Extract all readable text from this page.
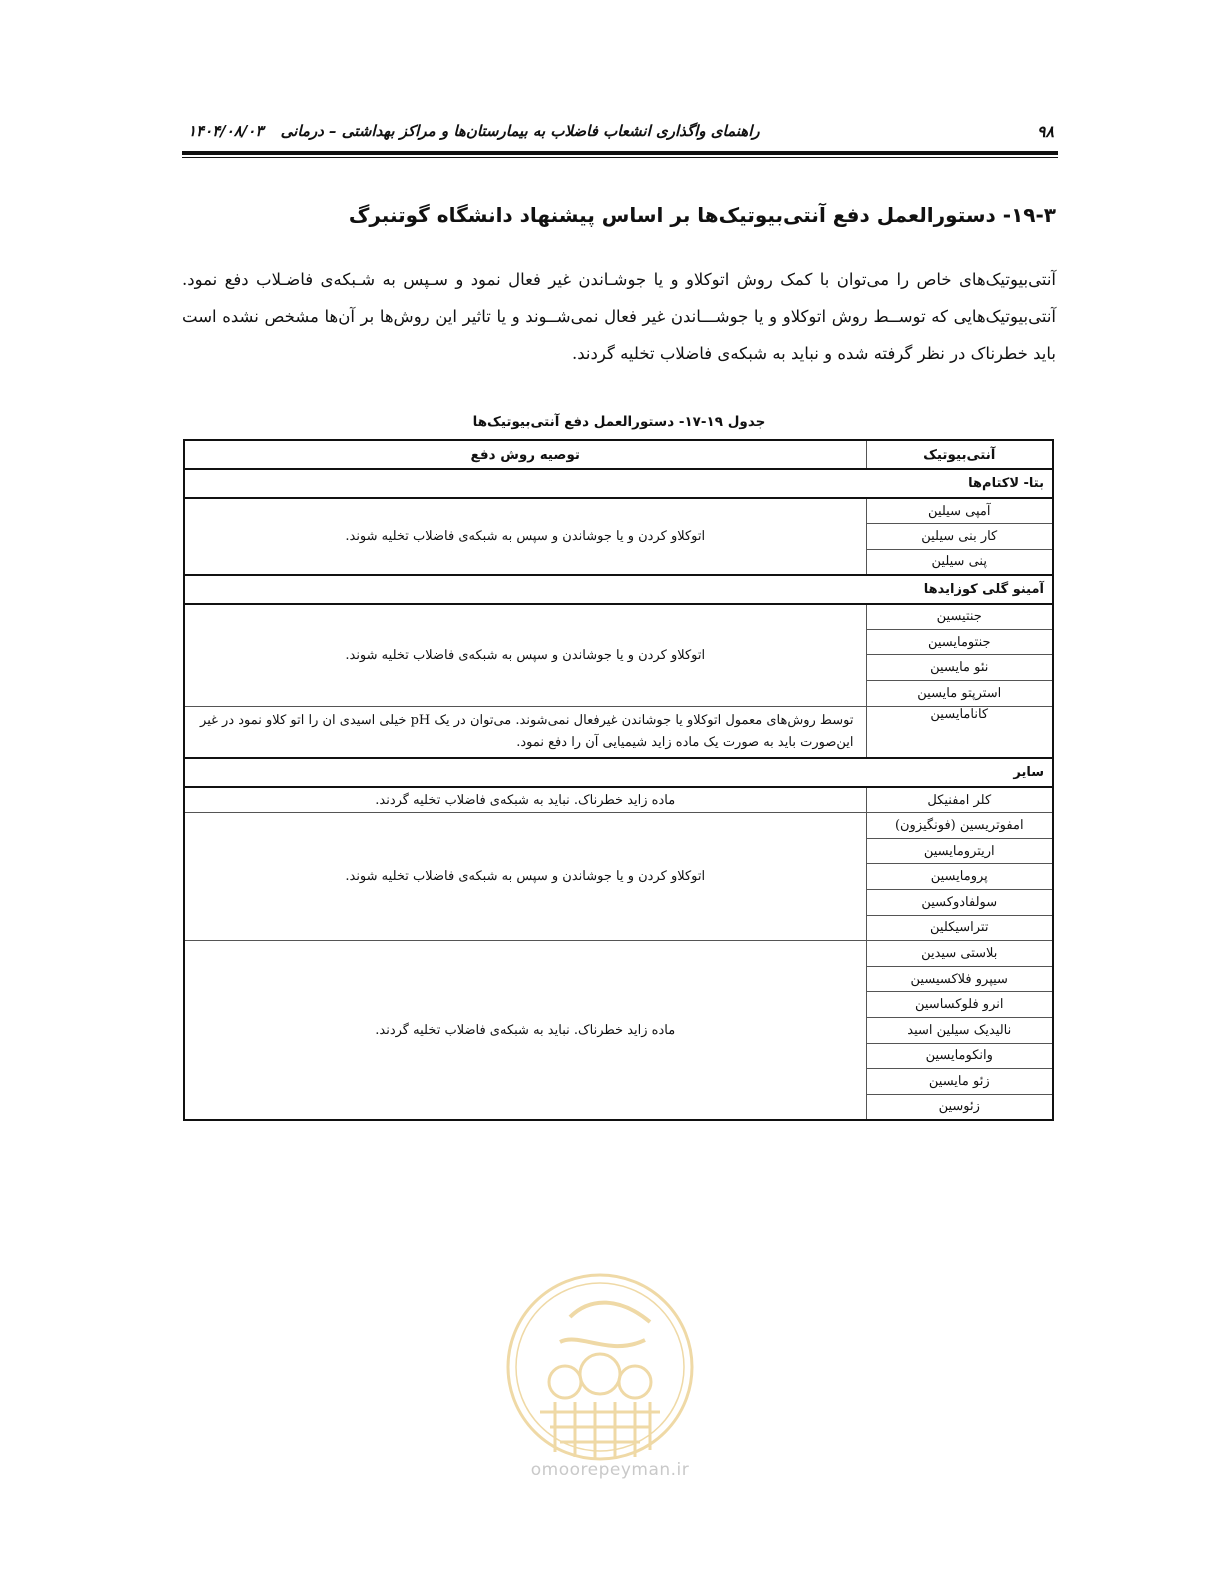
۹۸
راهنمای واگذاری انشعاب فاضلاب به بیمارستان‌ها و مراکز بهداشتی – درمانی ۱۴۰۴/۰۸/۰۳
۱۹-۳- دستورالعمل دفع آنتی‌بیوتیک‌ها بر اساس پیشنهاد دانشگاه گوتنبرگ

آنتی‌بیوتیک‌های خاص را می‌توان با کمک روش اتوکلاو و یا جوشـاندن غیر فعال نمود و سـپس به شـبکه‌ی فاضـلاب دفع نمود. آنتی‌بیوتیک‌هایی که توســط روش اتوکلاو و یا جوشـــاندن غیر فعال نمی‌شــوند و یا تاثیر این روش‌ها بر آن‌ها مشخص نشده است باید خطرناک در نظر گرفته شده و نباید به شبکه‌ی فاضلاب تخلیه گردند.

جدول ۱۹-۱۷- دستورالعمل دفع آنتی‌بیوتیک‌ها
آنتی‌بیوتیک	توصیه روش دفع
بتا- لاکتام‌ها	
آمپی سیلین	اتوکلاو کردن و یا جوشاندن و سپس به شبکه‌ی فاضلاب تخلیه شوند.
کار بنی سیلین	
پنی سیلین	
آمینو گلی کوزایدها	
جنتیسین	اتوکلاو کردن و یا جوشاندن و سپس به شبکه‌ی فاضلاب تخلیه شوند.
جنتومایسین	
نئو مایسین	
استرپتو مایسین	
کانامایسین	توسط روش‌های معمول اتوکلاو یا جوشاندن غیرفعال نمی‌شوند. می‌توان در یک pH خیلی اسیدی ان را اتو کلاو نمود در غیر این‌صورت باید به صورت یک ماده زاید شیمیایی آن را دفع نمود.
سایر	
کلر امفنیکل	ماده زاید خطرناک. نباید به شبکه‌ی فاضلاب تخلیه گردند.
امفوتریسین (فونگیزون)	اتوکلاو کردن و یا جوشاندن و سپس به شبکه‌ی فاضلاب تخلیه شوند.
اریترومایسین	
پرومایسین	
سولفادوکسین	
تتراسیکلین	
بلاستی سیدین	ماده زاید خطرناک. نباید به شبکه‌ی فاضلاب تخلیه گردند.
سیپرو فلاکسیسین	
انرو فلوکساسین	
نالیدیک سیلین اسید	
وانکومایسین	
زئو مایسین	
زئوسین	
omoorepeyman.ir
